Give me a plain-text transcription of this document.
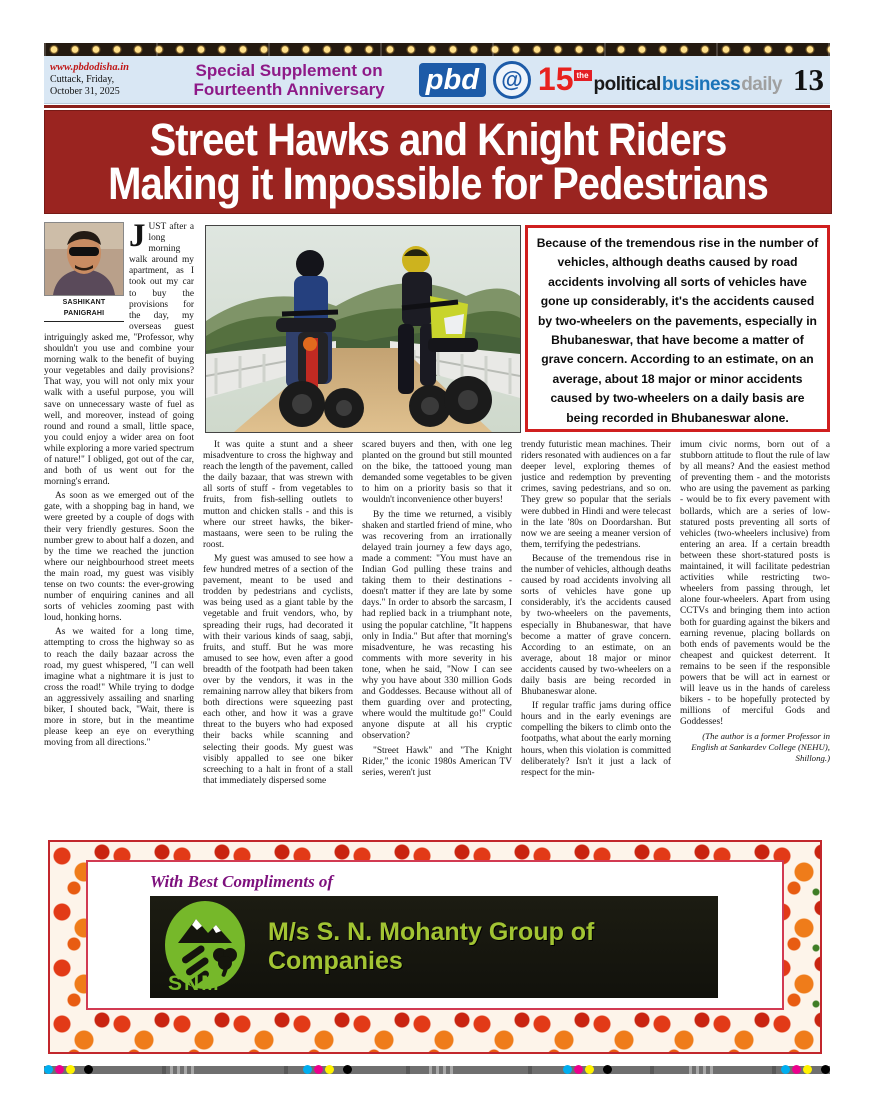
www.pbdodisha.in
Cuttack, Friday,
October 31, 2025
Special Supplement on
Fourteenth Anniversary	pbd	@ 15 the political business daily 13
Street Hawks and Knight Riders
Making it Impossible for Pedestrians
Because of the tremendous rise in the number of vehicles, although deaths caused by road accidents involving all sorts of vehicles have gone up considerably, it's the accidents caused by two-wheelers on the pavements, especially in Bhubaneswar, that have become a matter of grave concern. According to an estimate, on an average, about 18 major or minor accidents caused by two-wheelers on a daily basis are being recorded in Bhubaneswar alone.
SASHIKANT PANIGRAHI

JUST after a long morning walk around my apartment, as I took out my car to buy the provisions for the day, my overseas guest intriguingly asked me, "Professor, why shouldn't you use and combine your morning walk to the benefit of buying your vegetables and daily provisions? That way, you will not only mix your walk with a useful purpose, you will save on unnecessary waste of fuel as well, and moreover, instead of going round and round a small, little space, you could enjoy a wider area on foot while exploring a more varied spectrum of nature!" I obliged, got out of the car, and both of us went out for the morning's errand.

As soon as we emerged out of the gate, with a shopping bag in hand, we were greeted by a couple of dogs with their very friendly gestures. Soon the number grew to about half a dozen, and by the time we reached the junction where our neighbourhood street meets the main road, my guest was visibly tense on two counts: the ever-growing number of enquiring canines and all sorts of vehicles zooming past with loud, honking horns.

As we waited for a long time, attempting to cross the highway so as to reach the daily bazaar across the road, my guest whispered, "I can well imagine what a nightmare it is just to cross the road!" While trying to dodge an aggressively assailing and snarling biker, I shouted back, "Wait, there is more in store, but in the meantime please keep an eye on everything moving from all directions."

It was quite a stunt and a sheer misadventure to cross the highway and reach the length of the pavement, called the daily bazaar, that was strewn with all sorts of stuff - from vegetables to fruits, from fish-selling outlets to mutton and chicken stalls - and this is where our street hawks, the biker-mastaans, were seen to be ruling the roost.

My guest was amused to see how a few hundred metres of a section of the pavement, meant to be used and trodden by pedestrians and cyclists, was being used as a giant table by the vegetable and fruit vendors, who, by spreading their rugs, had decorated it with their various kinds of saag, sabji, fruits, and stuff. But he was more amused to see how, even after a good breadth of the footpath had been taken over by the vendors, it was in the remaining narrow alley that bikers from both directions were squeezing past each other, and how it was a grave threat to the buyers who had exposed their backs while scanning and selecting their goods. My guest was visibly appalled to see one biker screeching to a halt in front of a stall that immediately dispersed some

scared buyers and then, with one leg planted on the ground but still mounted on the bike, the tattooed young man demanded some vegetables to be given to him on a priority basis so that it wouldn't inconvenience other buyers!

By the time we returned, a visibly shaken and startled friend of mine, who was recovering from an irrationally delayed train journey a few days ago, made a comment: "You must have an Indian God pulling these trains and taking them to their destinations - doesn't matter if they are late by some days." In order to absorb the sarcasm, I had replied back in a triumphant note, using the popular catchline, "It happens only in India." But after that morning's misadventure, he was recasting his comments with more severity in his tone, when he said, "Now I can see why you have about 330 million Gods and Goddesses. Because without all of them guarding over and protecting, where would the multitude go!" Could anyone dispute at all his cryptic observation?

"Street Hawk" and "The Knight Rider," the iconic 1980s American TV series, weren't just

trendy futuristic mean machines. Their riders resonated with audiences on a far deeper level, exploring themes of justice and redemption by preventing crimes, saving pedestrians, and so on. They grew so popular that the serials were dubbed in Hindi and were telecast in the late '80s on Doordarshan. But now we are seeing a meaner version of them, terrifying the pedestrians.

Because of the tremendous rise in the number of vehicles, although deaths caused by road accidents involving all sorts of vehicles have gone up considerably, it's the accidents caused by two-wheelers on the pavements, especially in Bhubaneswar, that have become a matter of grave concern. According to an estimate, on an average, about 18 major or minor accidents caused by two-wheelers on a daily basis are being recorded in Bhubaneswar alone.

If regular traffic jams during office hours and in the early evenings are compelling the bikers to climb onto the footpaths, what about the early morning hours, when this violation is committed deliberately? Isn't it just a lack of respect for the min-

imum civic norms, born out of a stubborn attitude to flout the rule of law by all means? And the easiest method of preventing them - and the motorists who are using the pavement as parking - would be to fix every pavement with bollards, which are a series of low-statured posts preventing all sorts of vehicles (two-wheelers inclusive) from entering an area. If a certain breadth between these short-statured posts is maintained, it will facilitate pedestrian activities while restricting two-wheelers from passing through, let alone four-wheelers. Apart from using CCTVs and bringing them into action both for guarding against the bikers and earning revenue, placing bollards on both ends of pavements would be the cheapest and quickest deterrent. It remains to be seen if the responsible powers that be will act in earnest or will leave us in the hands of careless bikers - to be hopefully protected by millions of merciful Gods and Goddesses!

(The author is a former Professor in English at Sankardev College (NEHU), Shillong.)

With Best Compliments of
SNM
M/s S. N. Mohanty Group of Companies
